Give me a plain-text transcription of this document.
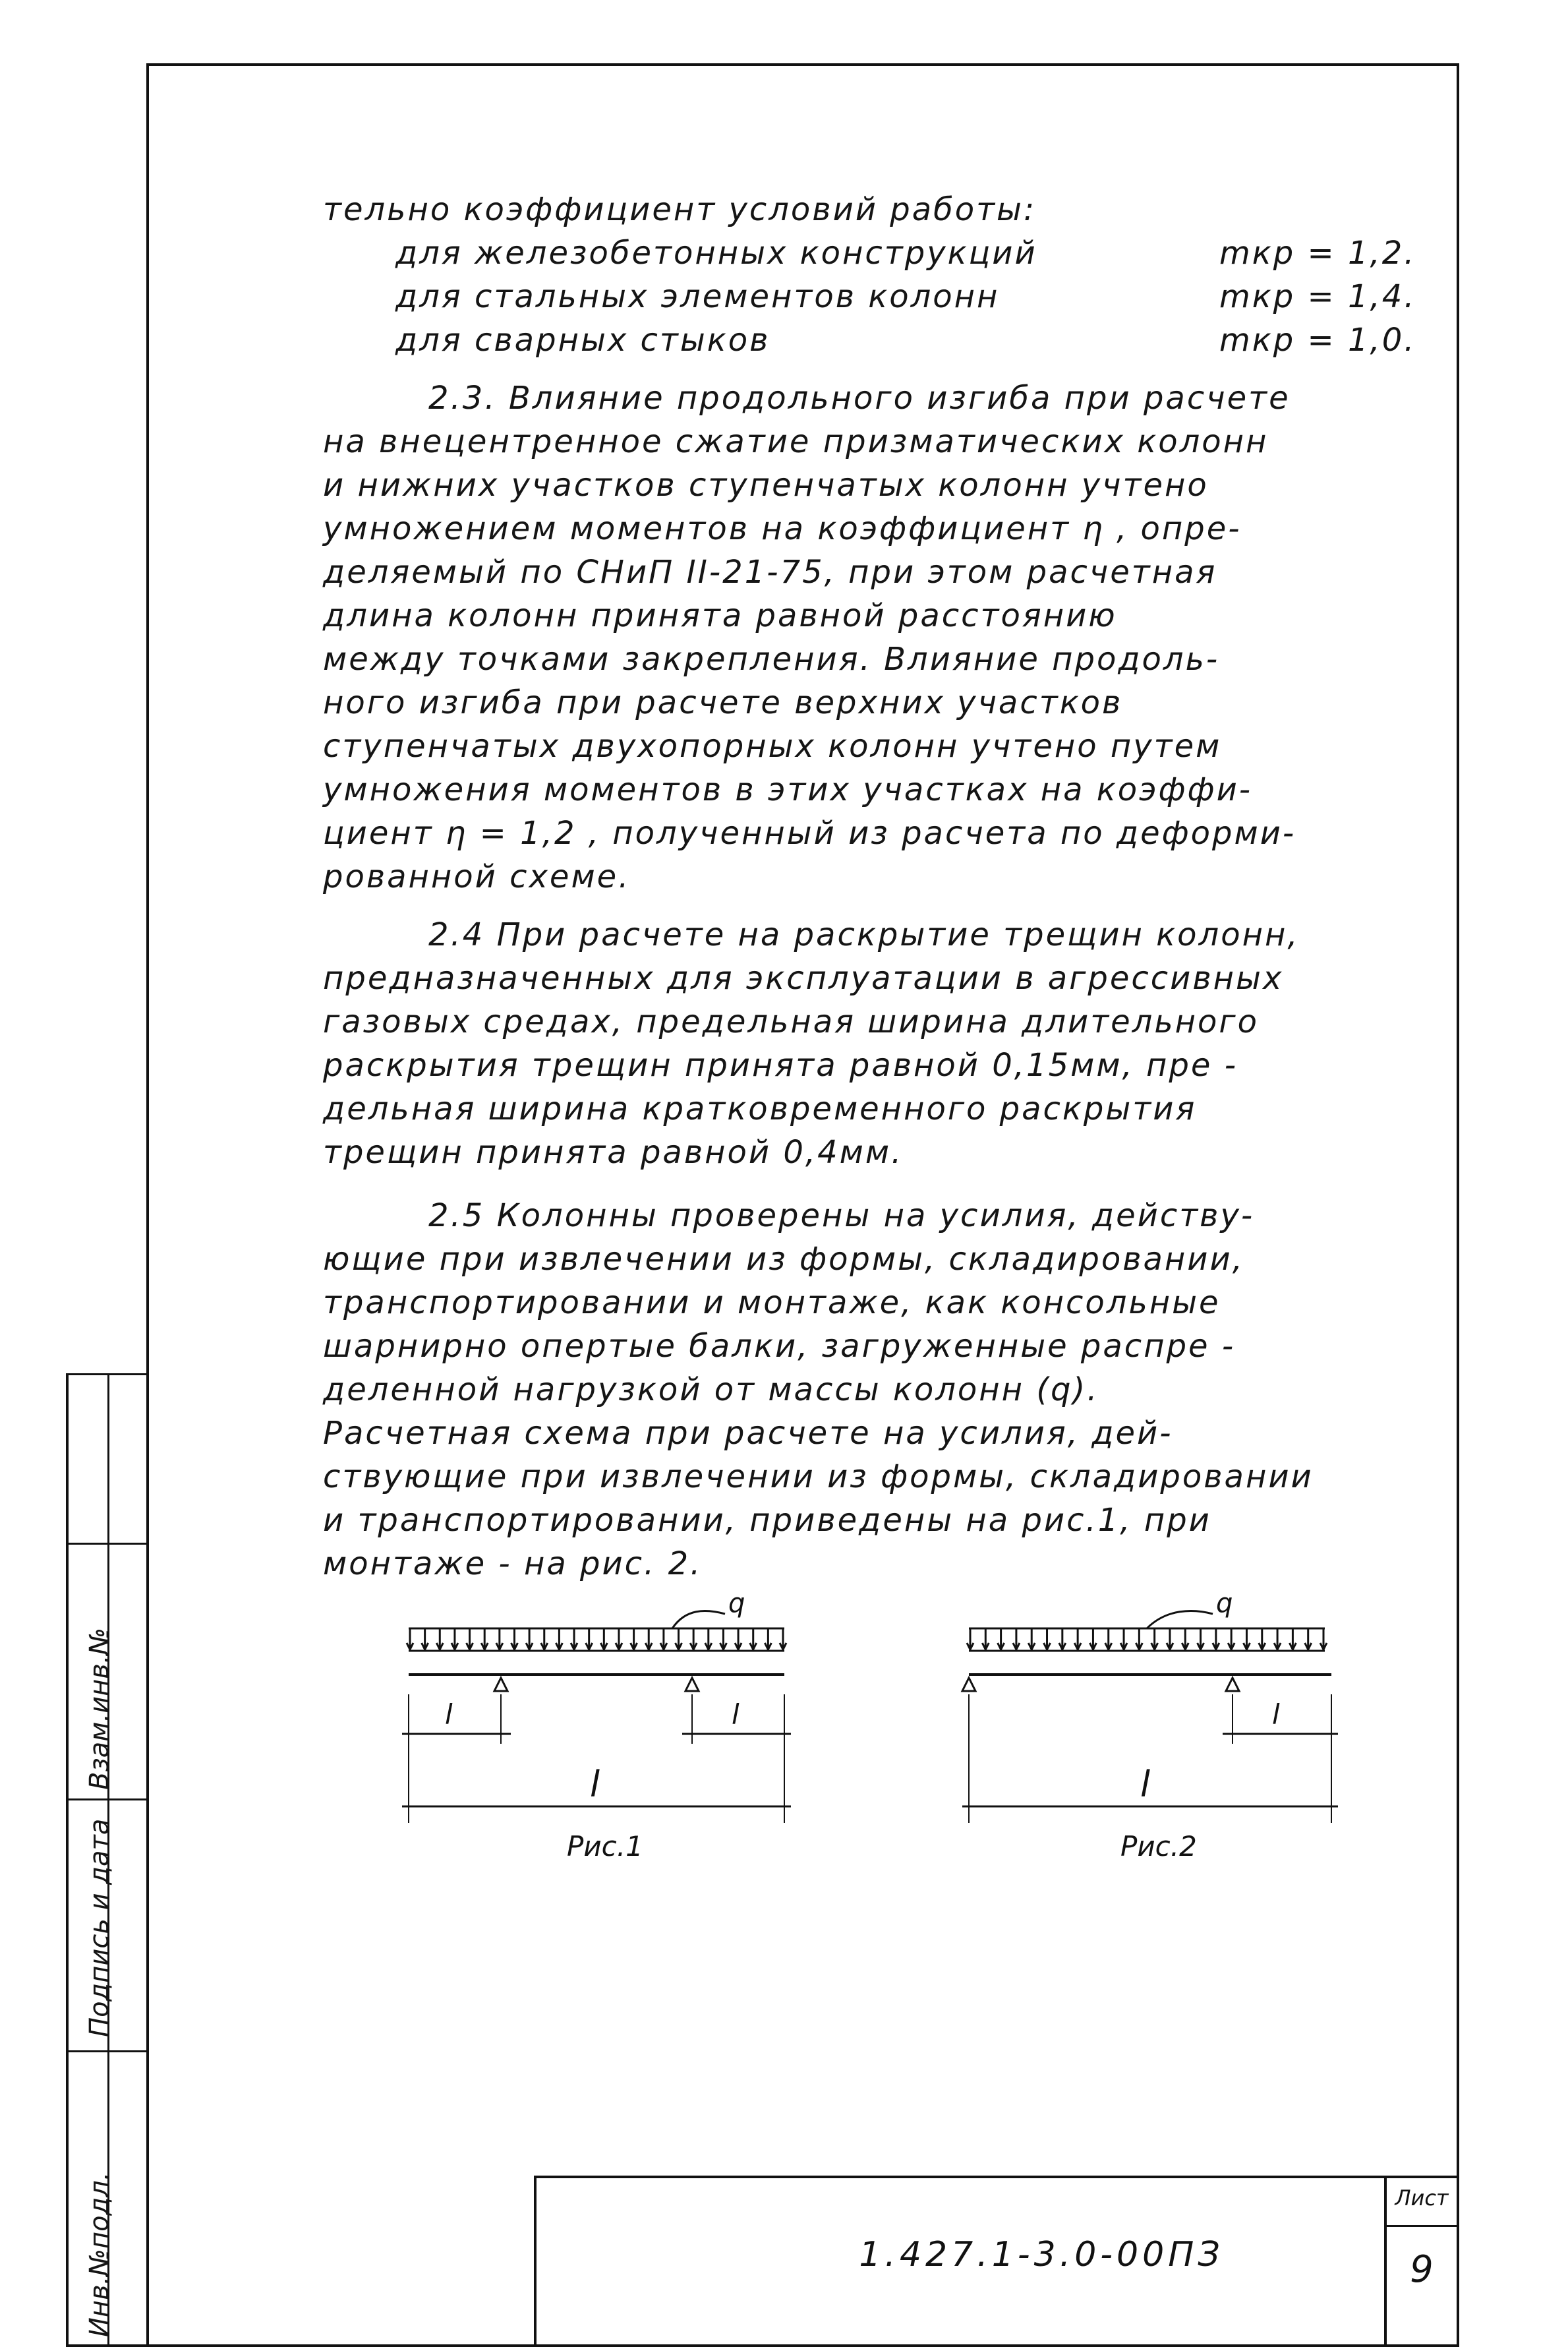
Инв.№подл.
Подпись и дата
Взам.инв.№
1.427.1-3.0-00ПЗ
Лист
9
тельно коэффициент условий работы:
для железобетонных конструкций	mкр = 1,2.
для стальных элементов колонн	mкр = 1,4.
для сварных стыков	mкр = 1,0.
2.3. Влияние продольного изгиба при расчете
на внецентренное сжатие призматических колонн
и нижних участков ступенчатых колонн учтено
умножением моментов на коэффициент η , опре-
деляемый по СНиП II-21-75, при этом расчетная
длина колонн принята равной расстоянию
между точками закрепления. Влияние продоль-
ного изгиба при расчете верхних участков
ступенчатых двухопорных колонн учтено путем
умножения моментов в этих участках на коэффи-
циент η = 1,2 , полученный из расчета по деформи-
рованной схеме.
2.4 При расчете на раскрытие трещин колонн,
предназначенных для эксплуатации в агрессивных
газовых средах, предельная ширина длительного
раскрытия трещин принята равной 0,15мм, пре -
дельная ширина кратковременного раскрытия
трещин принята равной 0,4мм.
2.5 Колонны проверены на усилия, действу-
ющие при извлечении из формы, складировании,
транспортировании и монтаже, как консольные
шарнирно опертые балки, загруженные распре -
деленной нагрузкой от массы колонн (q).
Расчетная схема при расчете на усилия, дей-
ствующие при извлечении из формы, складировании
и транспортировании, приведены на рис.1, при
монтаже - на рис. 2.
q
l	l
l
Рис.1
q
l
l
Рис.2
